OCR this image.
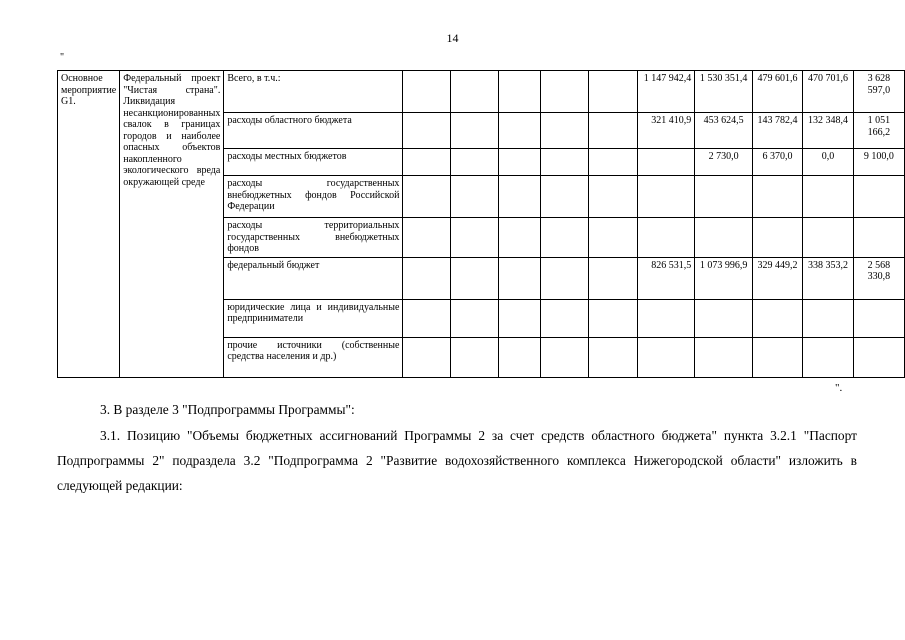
14
"
Основное мероприятие G1.	Федеральный проект "Чистая страна". Ликвидация несанкционированных свалок в границах городов и наиболее опасных объектов накопленного экологического вреда окружающей среде	Всего, в т.ч.:						1 147 942,4	1 530 351,4	479 601,6	470 701,6	3 628 597,0
		расходы областного бюджета						321 410,9	453 624,5	143 782,4	132 348,4	1 051 166,2
		расходы местных бюджетов							2 730,0	6 370,0	0,0	9 100,0
		расходы государственных внебюджетных фондов Российской Федерации										
		расходы территориальных государственных внебюджетных фондов										
		федеральный бюджет						826 531,5	1 073 996,9	329 449,2	338 353,2	2 568 330,8
		юридические лица и индивидуальные предприниматели										
		прочие источники (собственные средства населения и др.)										
".
3. В разделе 3 "Подпрограммы Программы":
3.1. Позицию "Объемы бюджетных ассигнований Программы 2 за счет средств областного бюджета" пункта 3.2.1 "Паспорт Подпрограммы 2" подраздела 3.2 "Подпрограмма 2 "Развитие водохозяйственного комплекса Нижегородской области" изложить в следующей редакции:
